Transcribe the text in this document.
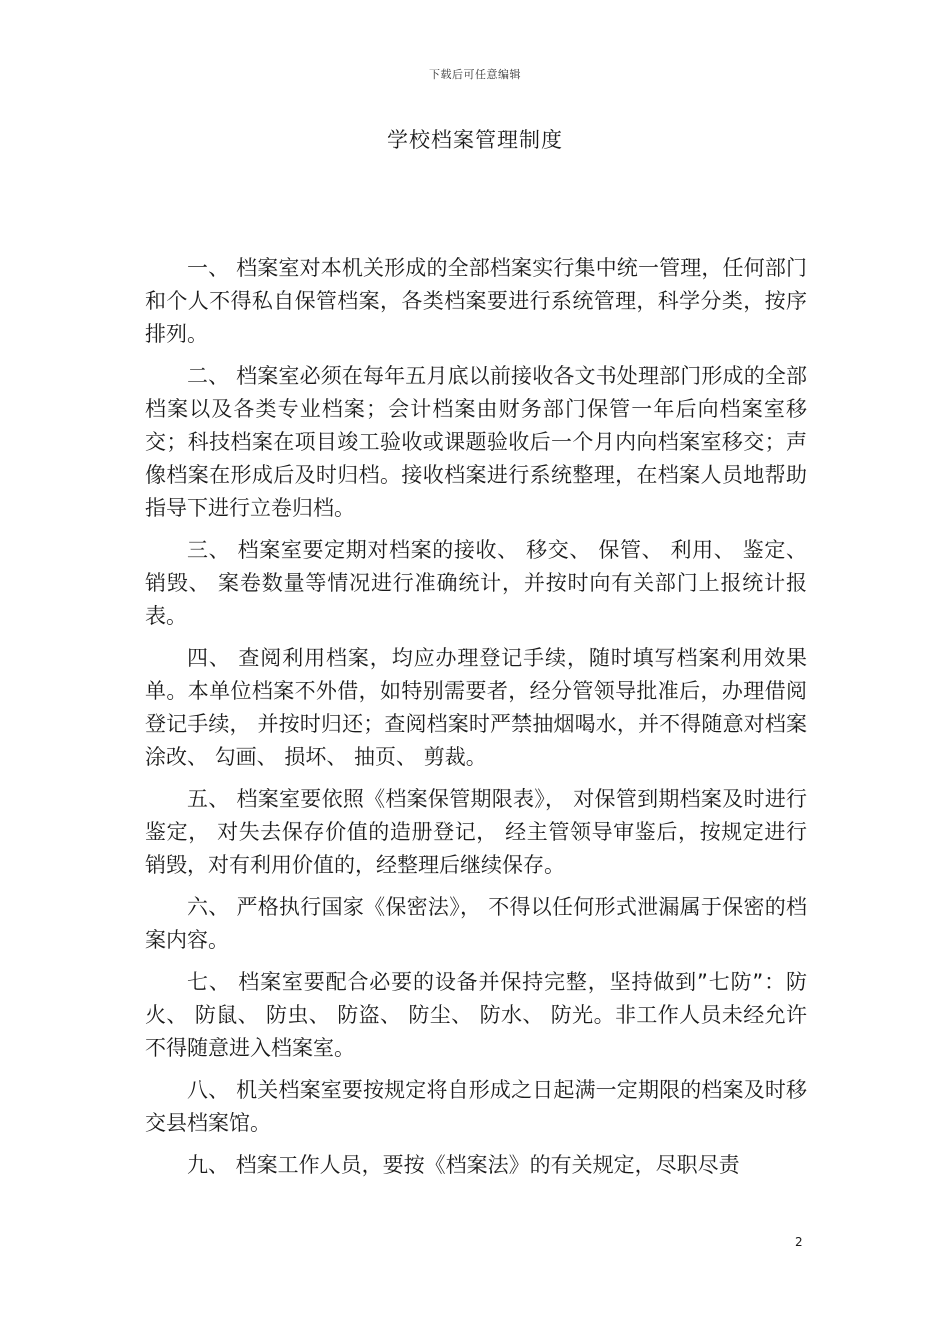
下载后可任意编辑
学校档案管理制度

一、 档案室对本机关形成的全部档案实行集中统一管理，任何部门和个人不得私自保管档案，各类档案要进行系统管理，科学分类，按序排列。

二、 档案室必须在每年五月底以前接收各文书处理部门形成的全部档案以及各类专业档案；会计档案由财务部门保管一年后向档案室移交；科技档案在项目竣工验收或课题验收后一个月内向档案室移交；声像档案在形成后及时归档。接收档案进行系统整理，在档案人员地帮助指导下进行立卷归档。

三、 档案室要定期对档案的接收、 移交、 保管、 利用、 鉴定、 销毁、 案卷数量等情况进行准确统计，并按时向有关部门上报统计报表。

四、 查阅利用档案，均应办理登记手续，随时填写档案利用效果单。本单位档案不外借，如特别需要者，经分管领导批准后，办理借阅登记手续， 并按时归还；查阅档案时严禁抽烟喝水，并不得随意对档案涂改、 勾画、 损坏、 抽页、 剪裁。

五、 档案室要依照《档案保管期限表》， 对保管到期档案及时进行鉴定， 对失去保存价值的造册登记， 经主管领导审鉴后，按规定进行销毁，对有利用价值的，经整理后继续保存。

六、 严格执行国家《保密法》， 不得以任何形式泄漏属于保密的档案内容。

七、 档案室要配合必要的设备并保持完整，坚持做到”七防”：防火、 防鼠、 防虫、 防盗、 防尘、 防水、 防光。非工作人员未经允许不得随意进入档案室。

八、 机关档案室要按规定将自形成之日起满一定期限的档案及时移交县档案馆。

九、 档案工作人员，要按《档案法》的有关规定，尽职尽责

2
